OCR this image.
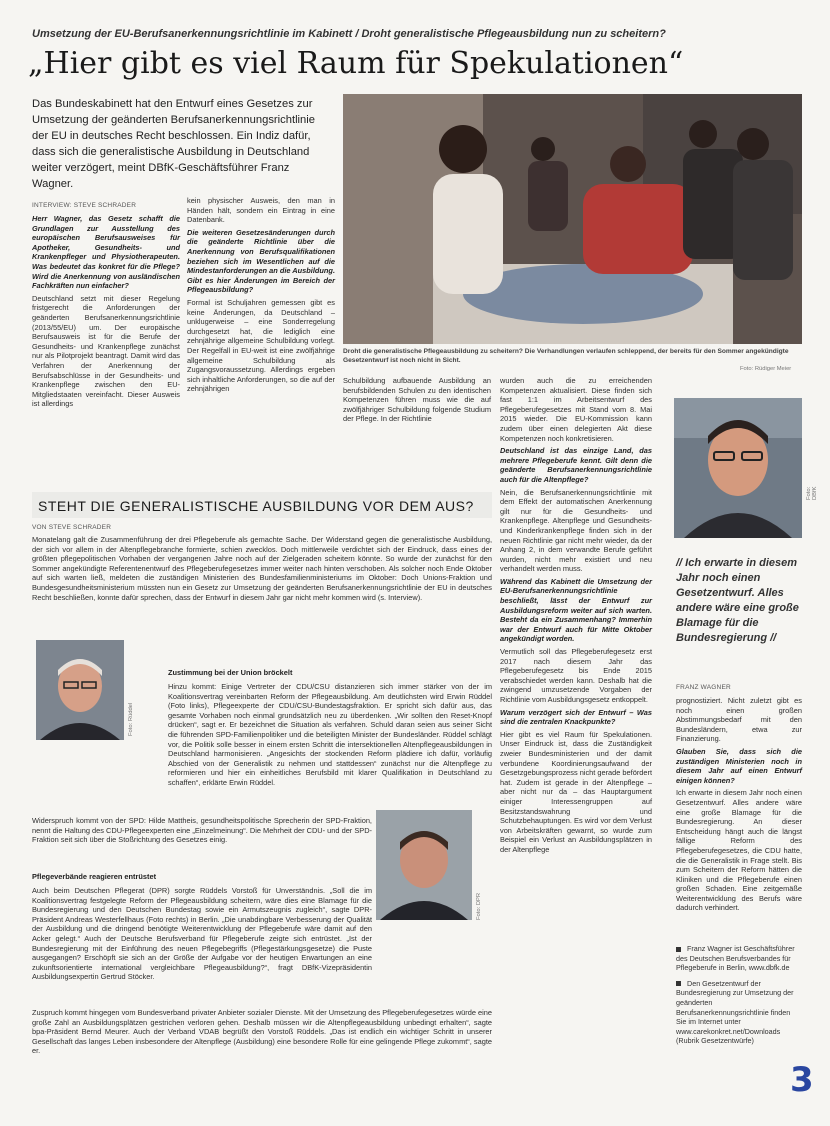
Umsetzung der EU-Berufsanerkennungsrichtlinie im Kabinett / Droht generalistische Pflegeausbildung nun zu scheitern?
„Hier gibt es viel Raum für Spekulationen“
Das Bundeskabinett hat den Entwurf eines Gesetzes zur Umsetzung der geänderten Berufsanerkennungsrichtlinie der EU in deutsches Recht beschlossen. Ein Indiz dafür, dass sich die generalistische Ausbildung in Deutschland weiter verzögert, meint DBfK-Geschäftsführer Franz Wagner.
INTERVIEW: STEVE SCHRADER

Herr Wagner, das Gesetz schafft die Grundlagen zur Ausstellung des europäischen Berufsausweises für Apotheker, Gesundheits- und Krankenpfleger und Physiotherapeuten. Was bedeutet das konkret für die Pflege? Wird die Anerkennung von ausländischen Fachkräften nun einfacher?

Deutschland setzt mit dieser Regelung fristgerecht die Anforderungen der geänderten Berufsanerkennungsrichtlinie (2013/55/EU) um. Der europäische Berufsausweis ist für die Berufe der Gesundheits- und Krankenpflege zunächst nur als Pilotprojekt beantragt. Damit wird das Verfahren der Anerkennung der Berufsabschlüsse in der Gesundheits- und Krankenpflege zwischen den EU-Mitgliedstaaten vereinfacht. Dieser Ausweis ist allerdings

kein physischer Ausweis, den man in Händen hält, sondern ein Eintrag in eine Datenbank.

Die weiteren Gesetzesänderungen durch die geänderte Richtlinie über die Anerkennung von Berufsqualifikationen beziehen sich im Wesentlichen auf die Mindestanforderungen an die Ausbildung. Gibt es hier Änderungen im Bereich der Pflegeausbildung?

Formal ist Schuljahren gemessen gibt es keine Änderungen, da Deutschland – unklugerweise – eine Sonderregelung durchgesetzt hat, die lediglich eine zehnjährige allgemeine Schulbildung vorlegt. Der Regelfall in EU-weit ist eine zwölfjährige allgemeine Schulbildung als Zugangsvoraussetzung. Allerdings ergeben sich inhaltliche Anforderungen, so die auf der zehnjährigen

Droht die generalistische Pflegeausbildung zu scheitern? Die Verhandlungen verlaufen schleppend, der bereits für den Sommer angekündigte Gesetzentwurf ist noch nicht in Sicht.
Foto: Rüdiger Meier

Schulbildung aufbauende Ausbildung an berufsbildenden Schulen zu den identischen Kompetenzen führen muss wie die auf zwölfjähriger Schulbildung folgende Studium der Pflege. In der Richtlinie

wurden auch die zu erreichenden Kompetenzen aktualisiert. Diese finden sich fast 1:1 im Arbeitsentwurf des Pflegeberufegesetzes mit Stand vom 8. Mai 2015 wieder. Die EU-Kommission kann zudem über einen delegierten Akt diese Kompetenzen noch konkretisieren.

Deutschland ist das einzige Land, das mehrere Pflegeberufe kennt. Gilt denn die geänderte Berufsanerkennungsrichtlinie auch für die Altenpflege?

Nein, die Berufsanerkennungsrichtlinie mit dem Effekt der automatischen Anerkennung gilt nur für die Gesundheits- und Krankenpflege. Altenpflege und Gesundheits- und Kinderkrankenpflege finden sich in der neuen Richtlinie gar nicht mehr wieder, da der Anhang 2, in dem verwandte Berufe geführt wurden, nicht mehr existiert und neu verhandelt werden muss.

Während das Kabinett die Umsetzung der EU-Berufsanerkennungsrichtlinie beschließt, lässt der Entwurf zur Ausbildungsreform weiter auf sich warten. Besteht da ein Zusammenhang? Immerhin war der Entwurf auch für Mitte Oktober angekündigt worden.

Vermutlich soll das Pflegeberufegesetz erst 2017 nach diesem Jahr das Pflegeberufegesetz bis Ende 2015 verabschiedet werden kann. Deshalb hat die zwingend umzusetzende Vorgaben der Richtlinie vom Ausbildungsgesetz entkoppelt.

Warum verzögert sich der Entwurf – Was sind die zentralen Knackpunkte?

Hier gibt es viel Raum für Spekulationen. Unser Eindruck ist, dass die Zuständigkeit zweier Bundesministerien und der damit verbundene Koordinierungsaufwand der Gesetzgebungsprozess nicht gerade befördert hat. Zudem ist gerade in der Altenpflege – aber nicht nur da – das Hauptargument einiger Interessengruppen auf Besitzstandswahrung und Schutzbehauptungen. Es wird vor dem Verlust von Arbeitskräften gewarnt, so wurde zum Beispiel ein Verlust an Ausbildungsplätzen in der Altenpflege

Foto: DBfK
// Ich erwarte in diesem Jahr noch einen Gesetzentwurf. Alles andere wäre eine große Blamage für die Bundesregierung //
FRANZ WAGNER

prognostiziert. Nicht zuletzt gibt es noch einen großen Abstimmungsbedarf mit den Bundesländern, etwa zur Finanzierung.

Glauben Sie, dass sich die zuständigen Ministerien noch in diesem Jahr auf einen Entwurf einigen können?

Ich erwarte in diesem Jahr noch einen Gesetzentwurf. Alles andere wäre eine große Blamage für die Bundesregierung. An dieser Entscheidung hängt auch die längst fällige Reform des Pflegeberufegesetzes, die CDU hatte, die die Generalistik in Frage stellt. Bis zum Scheitern der Reform hätten die Kliniken und die Pflegeberufe einen großen Schaden. Eine zeitgemäße Weiterentwicklung des Berufs wäre dadurch verhindert.

Franz Wagner ist Geschäftsführer des Deutschen Berufsverbandes für Pflegeberufe in Berlin, www.dbfk.de
Den Gesetzentwurf der Bundesregierung zur Umsetzung der geänderten Berufsanerkennungsrichtlinie finden Sie im Internet unter www.carekonkret.net/Downloads (Rubrik Gesetzentwürfe)
3
STEHT DIE GENERALISTISCHE AUSBILDUNG VOR DEM AUS?
VON STEVE SCHRADER
Monatelang galt die Zusammenführung der drei Pflegeberufe als gemachte Sache. Der Widerstand gegen die generalistische Ausbildung, der sich vor allem in der Altenpflegebranche formierte, schien zwecklos. Doch mittlerweile verdichtet sich der Eindruck, dass eines der größten pflegepolitischen Vorhaben der vergangenen Jahre noch auf der Zielgeraden scheitern könnte. So wurde der zunächst für den Sommer angekündigte Referentenentwurf des Pflegeberufegesetzes immer weiter nach hinten verschoben. Als solcher noch Ende Oktober auf sich warten ließ, meldeten die zuständigen Ministerien des Bundesfamilienministeriums im Oktober: Doch Unions-Fraktion und Bundesgesundheitsministerium müssten nun ein Gesetz zur Umsetzung der geänderten Berufsanerkennungsrichtlinie der EU in deutsches Recht beschließen, konnte dafür sprechen, dass der Entwurf in diesem Jahr gar nicht mehr kommen wird (s. Interview).
Foto: Rüddel
Zustimmung bei der Union bröckelt
Hinzu kommt: Einige Vertreter der CDU/CSU distanzieren sich immer stärker von der im Koalitionsvertrag vereinbarten Reform der Pflegeausbildung. Am deutlichsten wird Erwin Rüddel (Foto links), Pflegeexperte der CDU/CSU-Bundestagsfraktion. Er spricht sich dafür aus, das gesamte Vorhaben noch einmal grundsätzlich neu zu überdenken. „Wir sollten den Reset-Knopf drücken“, sagt er. Er bezeichnet die Situation als verfahren. Schuld daran seien aus seiner Sicht die führenden SPD-Familienpolitiker und die beteiligten Minister der Bundesländer. Rüddel schlägt vor, die Politik solle besser in einem ersten Schritt die intersektionellen Altenpflegeausbildungen in Deutschland harmonisieren. „Angesichts der stockenden Reform plädiere ich dafür, vorläufig Abschied von der Generalistik zu nehmen und stattdessen“ zunächst nur die Altenpflege zu reformieren und hier ein einheitliches Berufsbild mit klarer Qualifikation in Deutschland zu schaffen“, erklärte Erwin Rüddel.
Widerspruch kommt von der SPD: Hilde Mattheis, gesundheitspolitische Sprecherin der SPD-Fraktion, nennt die Haltung des CDU-Pflegeexperten eine „Einzelmeinung“. Die Mehrheit der CDU- und der SPD-Fraktion seit sich über die Stoßrichtung des Gesetzes einig.
Foto: DPR
Pflegeverbände reagieren entrüstet
Auch beim Deutschen Pflegerat (DPR) sorgte Rüddels Vorstoß für Unverständnis. „Soll die im Koalitionsvertrag festgelegte Reform der Pflegeausbildung scheitern, wäre dies eine Blamage für die Bundesregierung und den Deutschen Bundestag sowie ein Armutszeugnis zugleich“, sagte DPR-Präsident Andreas Westerfellhaus (Foto rechts) in Berlin. „Die unabdingbare Verbesserung der Qualität der Ausbildung und die dringend benötigte Weiterentwicklung der Pflegeberufe wäre damit auf den Acker gelegt.“ Auch der Deutsche Berufsverband für Pflegeberufe zeigte sich entrüstet. „Ist der Bundesregierung mit der Einführung des neuen Pflegebegriffs (Pflegestärkungsgesetze) die Puste ausgegangen? Erschöpft sie sich an der Größe der Aufgabe vor der heutigen Erwartungen an eine zukunftsorientierte international vergleichbare Pflegeausbildung?“, fragt DBfK-Vizepräsidentin Ausbildungsexpertin Gertrud Stöcker.
Zuspruch kommt hingegen vom Bundesverband privater Anbieter sozialer Dienste. Mit der Umsetzung des Pflegeberufegesetzes würde eine große Zahl an Ausbildungsplätzen gestrichen verloren gehen. Deshalb müssen wir die Altenpflegeausbildung unbedingt erhalten“, sagte bpa-Präsident Bernd Meurer. Auch der Verband VDAB begrüßt den Vorstoß Rüddels. „Das ist endlich ein wichtiger Schritt in unserer Gesellschaft das langes Leben insbesondere der Altenpflege (Ausbildung) eine besondere Rolle für eine gelingende Pflege zukommt“, sagte er.
